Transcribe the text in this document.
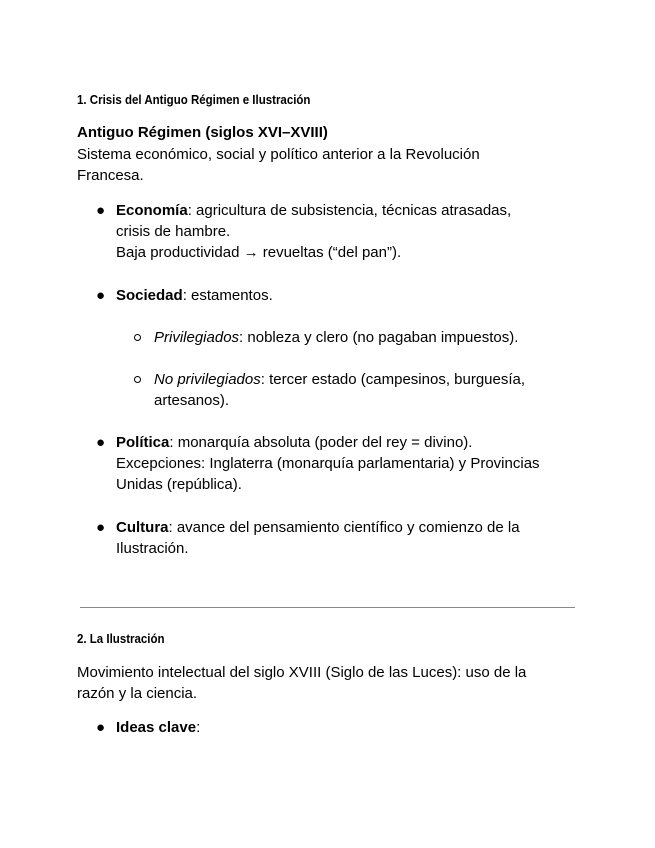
1. Crisis del Antiguo Régimen e Ilustración
Antiguo Régimen (siglos XVI–XVIII)
Sistema económico, social y político anterior a la Revolución
Francesa.
● Economía: agricultura de subsistencia, técnicas atrasadas,
crisis de hambre.
Baja productividad → revueltas (“del pan”).
● Sociedad: estamentos.
Privilegiados: nobleza y clero (no pagaban impuestos).
No privilegiados: tercer estado (campesinos, burguesía,
artesanos).
● Política: monarquía absoluta (poder del rey = divino).
Excepciones: Inglaterra (monarquía parlamentaria) y Provincias
Unidas (república).
● Cultura: avance del pensamiento científico y comienzo de la
Ilustración.
2. La Ilustración
Movimiento intelectual del siglo XVIII (Siglo de las Luces): uso de la
razón y la ciencia.
● Ideas clave:
